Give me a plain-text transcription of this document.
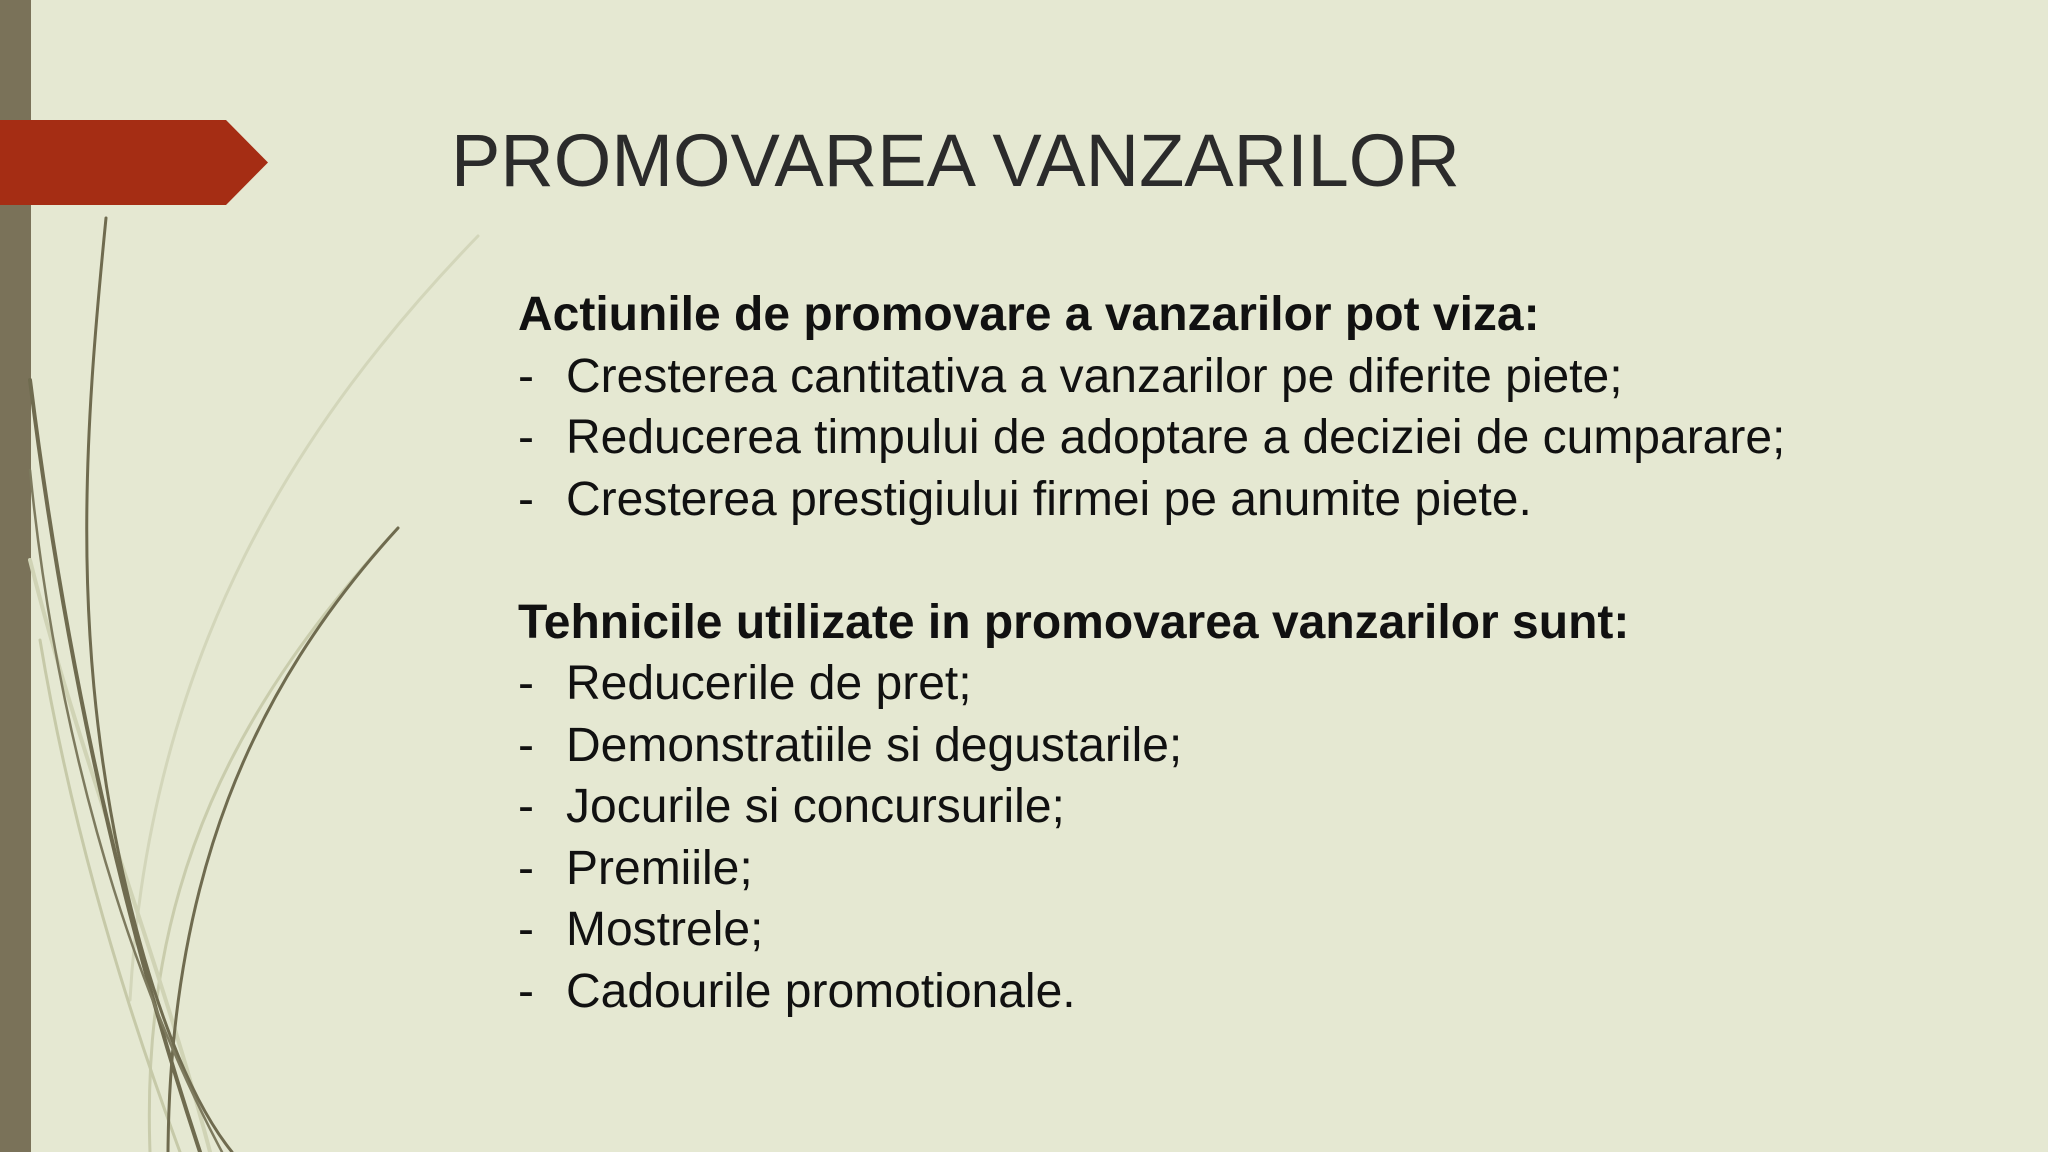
PROMOVAREA VANZARILOR
Actiunile de promovare a vanzarilor pot viza:
- Cresterea cantitativa a vanzarilor pe diferite piete;
- Reducerea timpului de adoptare a deciziei de cumparare;
- Cresterea prestigiului firmei pe anumite piete.
Tehnicile utilizate in promovarea vanzarilor sunt:
- Reducerile de pret;
- Demonstratiile si degustarile;
- Jocurile si concursurile;
- Premiile;
- Mostrele;
- Cadourile promotionale.
